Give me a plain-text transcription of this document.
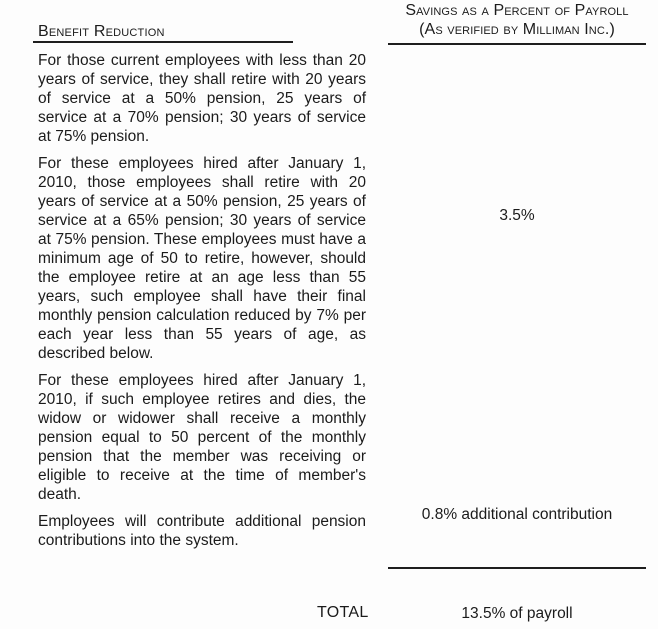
Benefit Reduction
Savings as a Percent of Payroll
(As verified by Milliman Inc.)

For those current employees with less than 20 years of service, they shall retire with 20 years of service at a 50% pension, 25 years of service at a 70% pension; 30 years of service at 75% pension.

For these employees hired after January 1, 2010, those employees shall retire with 20 years of service at a 50% pension, 25 years of service at a 65% pension; 30 years of service at 75% pension. These employees must have a minimum age of 50 to retire, however, should the employee retire at an age less than 55 years, such employee shall have their final monthly pension calculation reduced by 7% per each year less than 55 years of age, as described below.

For these employees hired after January 1, 2010, if such employee retires and dies, the widow or widower shall receive a monthly pension equal to 50 percent of the monthly pension that the member was receiving or eligible to receive at the time of member's death.

Employees will contribute additional pension contributions into the system.

3.5%
0.8% additional contribution
TOTAL	13.5% of payroll
